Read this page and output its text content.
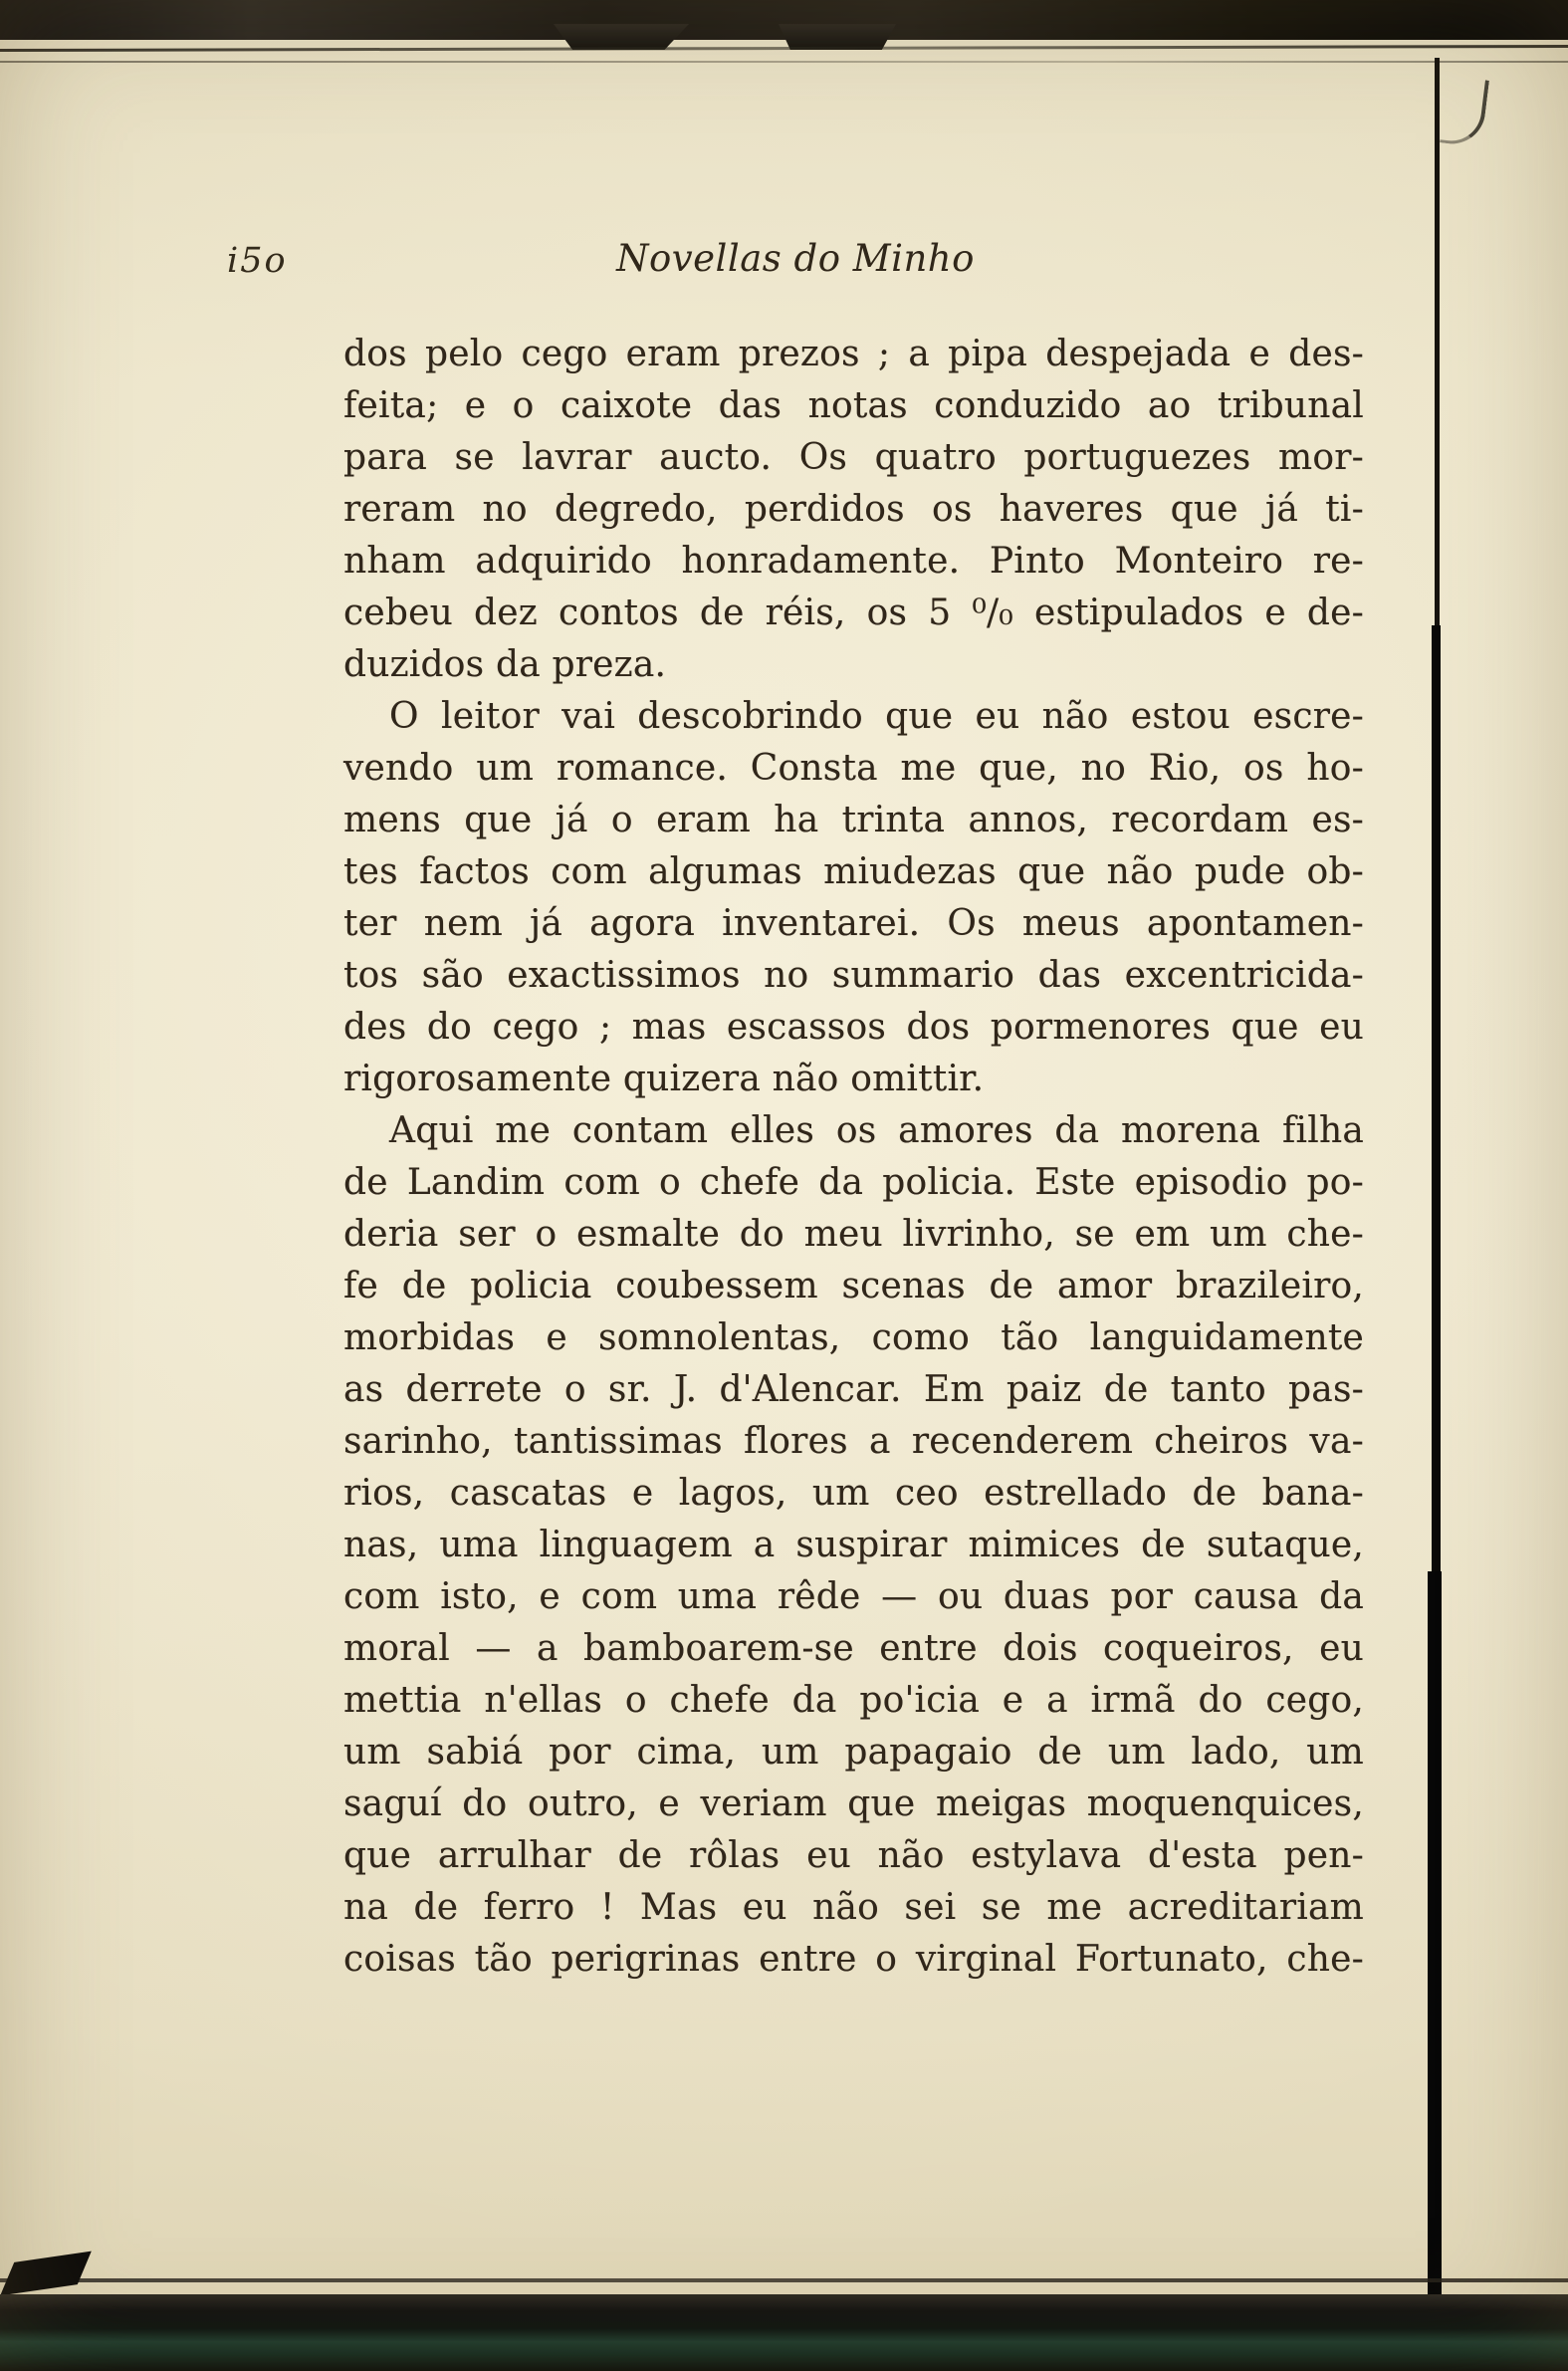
i5o	Novellas do Minho
dos pelo cego eram prezos ; a pipa despejada e des-
feita; e o caixote das notas conduzido ao tribunal
para se lavrar aucto. Os quatro portuguezes mor-
reram no degredo, perdidos os haveres que já ti-
nham adquirido honradamente. Pinto Monteiro re-
cebeu dez contos de réis, os 5 ⁰/₀ estipulados e de-
duzidos da preza.
O leitor vai descobrindo que eu não estou escre-
vendo um romance. Consta me que, no Rio, os ho-
mens que já o eram ha trinta annos, recordam es-
tes factos com algumas miudezas que não pude ob-
ter nem já agora inventarei. Os meus apontamen-
tos são exactissimos no summario das excentricida-
des do cego ; mas escassos dos pormenores que eu
rigorosamente quizera não omittir.
Aqui me contam elles os amores da morena filha
de Landim com o chefe da policia. Este episodio po-
deria ser o esmalte do meu livrinho, se em um che-
fe de policia coubessem scenas de amor brazileiro,
morbidas e somnolentas, como tão languidamente
as derrete o sr. J. d'Alencar. Em paiz de tanto pas-
sarinho, tantissimas flores a recenderem cheiros va-
rios, cascatas e lagos, um ceo estrellado de bana-
nas, uma linguagem a suspirar mimices de sutaque,
com isto, e com uma rêde — ou duas por causa da
moral — a bamboarem-se entre dois coqueiros, eu
mettia n'ellas o chefe da po'icia e a irmã do cego,
um sabiá por cima, um papagaio de um lado, um
saguí do outro, e veriam que meigas moquenquices,
que arrulhar de rôlas eu não estylava d'esta pen-
na de ferro ! Mas eu não sei se me acreditariam
coisas tão perigrinas entre o virginal Fortunato, che-
